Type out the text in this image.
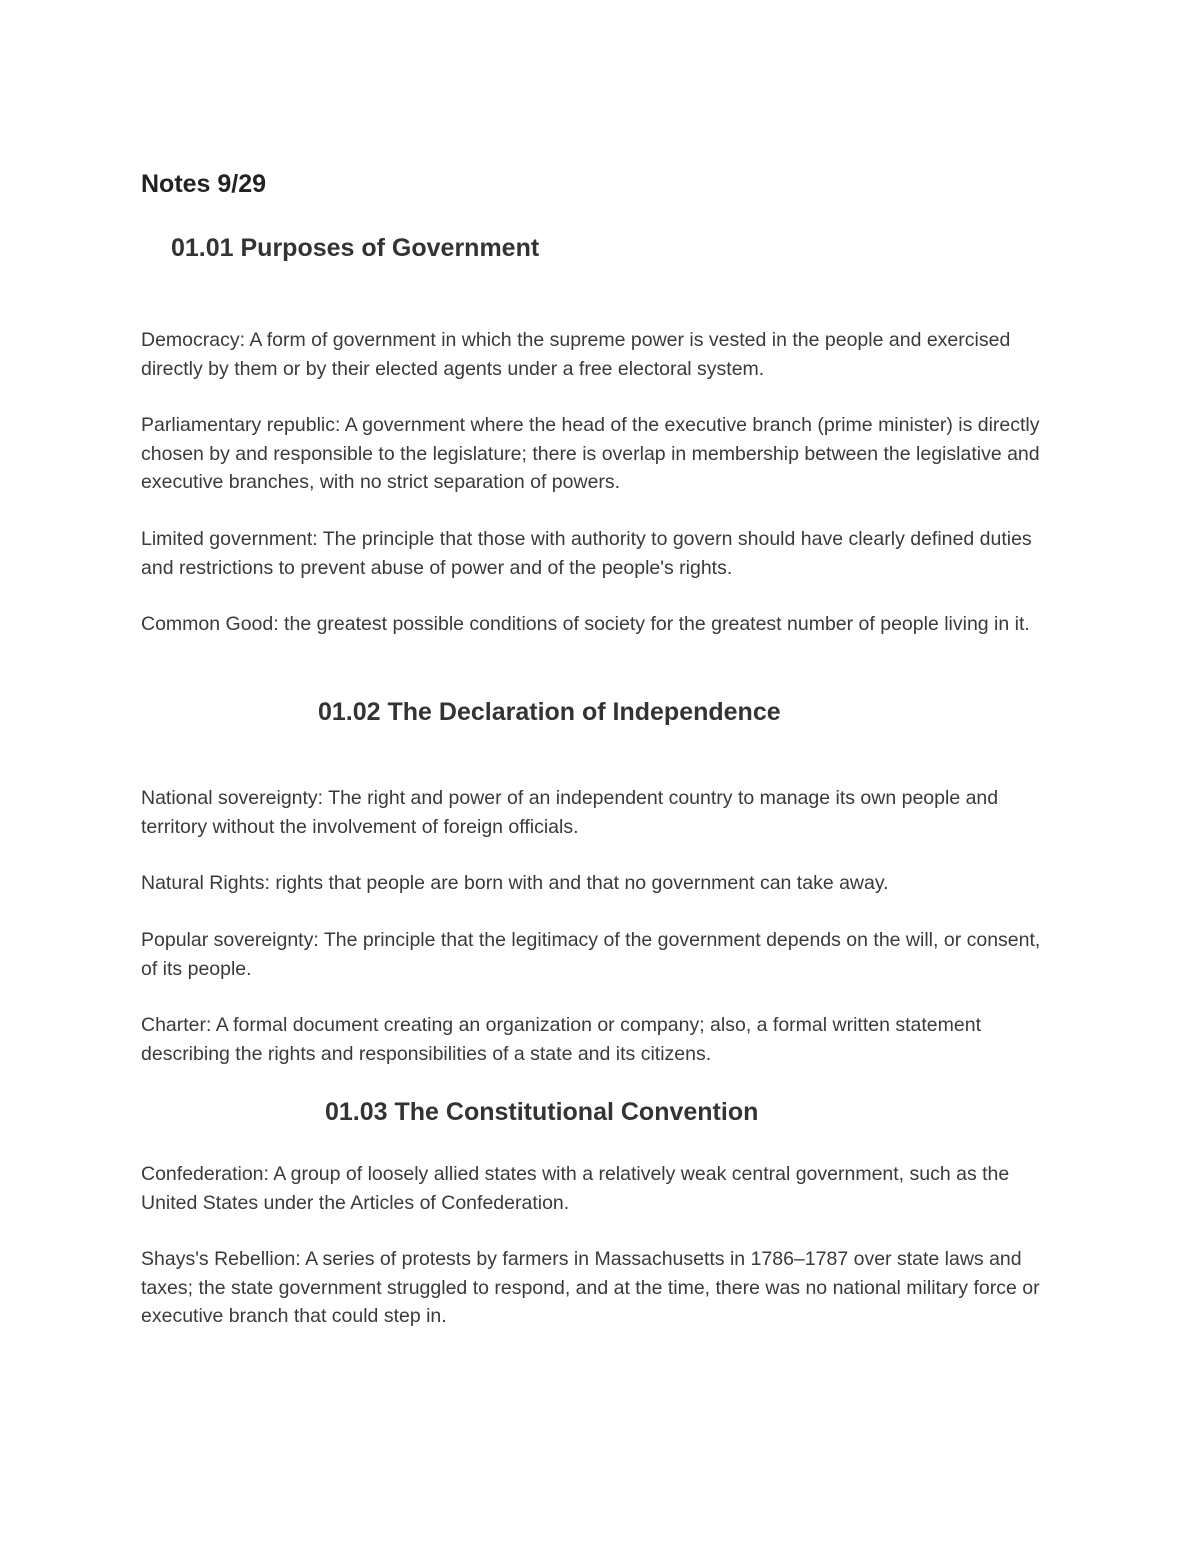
Notes 9/29
01.01 Purposes of Government

Democracy: A form of government in which the supreme power is vested in the people and exercised directly by them or by their elected agents under a free electoral system.

Parliamentary republic: A government where the head of the executive branch (prime minister) is directly chosen by and responsible to the legislature; there is overlap in membership between the legislative and executive branches, with no strict separation of powers.

Limited government: The principle that those with authority to govern should have clearly defined duties and restrictions to prevent abuse of power and of the people's rights.

Common Good: the greatest possible conditions of society for the greatest number of people living in it.

01.02 The Declaration of Independence

National sovereignty: The right and power of an independent country to manage its own people and territory without the involvement of foreign officials.

Natural Rights: rights that people are born with and that no government can take away.

Popular sovereignty: The principle that the legitimacy of the government depends on the will, or consent, of its people.

Charter: A formal document creating an organization or company; also, a formal written statement describing the rights and responsibilities of a state and its citizens.

01.03 The Constitutional Convention

Confederation: A group of loosely allied states with a relatively weak central government, such as the United States under the Articles of Confederation.

Shays's Rebellion: A series of protests by farmers in Massachusetts in 1786–1787 over state laws and taxes; the state government struggled to respond, and at the time, there was no national military force or executive branch that could step in.
